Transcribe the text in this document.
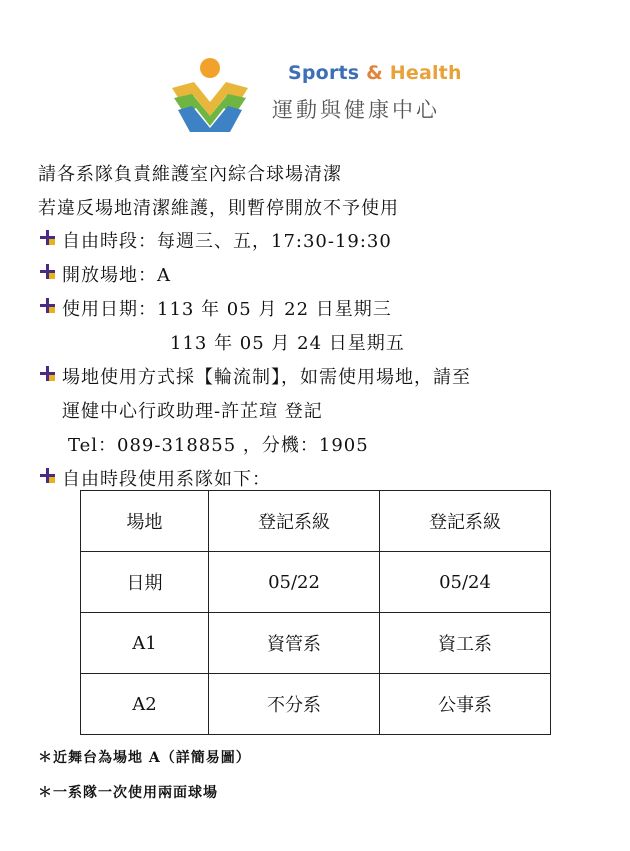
Sports & Health
運動與健康中心
請各系隊負責維護室內綜合球場清潔
若違反場地清潔維護，則暫停開放不予使用
自由時段：每週三、五，17:30-19:30
開放場地：A
使用日期：113 年 05 月 22 日星期三
113 年 05 月 24 日星期五
場地使用方式採【輪流制】，如需使用場地，請至
運健中心行政助理-許芷瑄 登記
Tel：089-318855 ，分機：1905
自由時段使用系隊如下：
場地	登記系級	登記系級
日期	05/22	05/24
A1	資管系	資工系
A2	不分系	公事系
＊近舞台為場地 A（詳簡易圖）
＊一系隊一次使用兩面球場
